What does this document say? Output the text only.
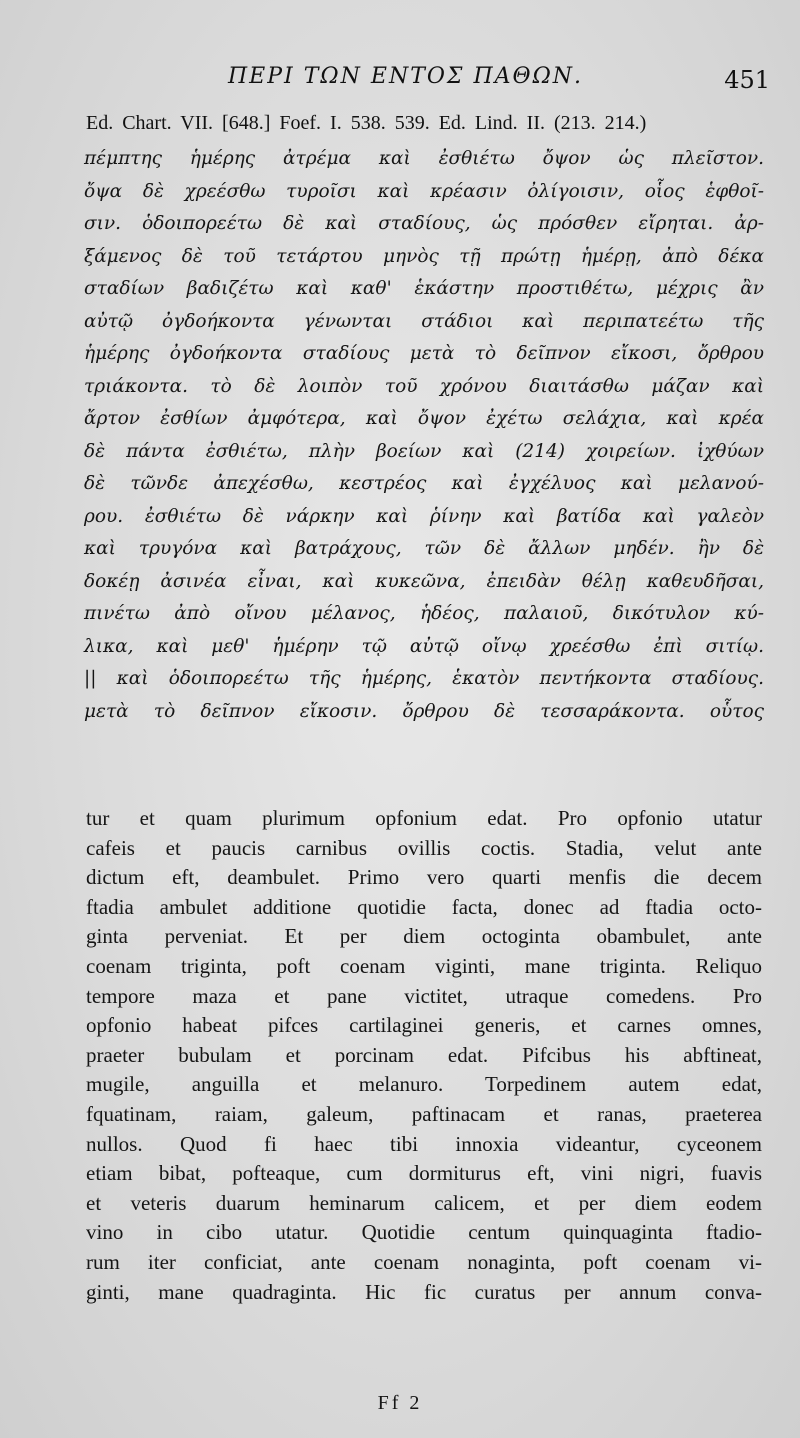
ΠΕΡΙ ΤΩΝ ΕΝΤΟΣ ΠΑΘΩΝ.	451
Ed. Chart. VII. [648.] Foef. I. 538. 539. Ed. Lind. II. (213. 214.)
πέμπτης ἡμέρης ἀτρέμα καὶ ἐσθιέτω ὄψον ὡς πλεῖστον.
ὄψα δὲ χρεέσθω τυροῖσι καὶ κρέασιν ὀλίγοισιν, οἷος ἑφθοῖ-
σιν. ὁδοιπορεέτω δὲ καὶ σταδίους, ὡς πρόσθεν εἴρηται. ἀρ-
ξάμενος δὲ τοῦ τετάρτου μηνὸς τῇ πρώτῃ ἡμέρῃ, ἀπὸ δέκα
σταδίων βαδιζέτω καὶ καθ' ἑκάστην προστιθέτω, μέχρις ἂν
αὐτῷ ὀγδοήκοντα γένωνται στάδιοι καὶ περιπατεέτω τῆς
ἡμέρης ὀγδοήκοντα σταδίους μετὰ τὸ δεῖπνον εἴκοσι, ὄρθρου
τριάκοντα. τὸ δὲ λοιπὸν τοῦ χρόνου διαιτάσθω μάζαν καὶ
ἄρτον ἐσθίων ἀμφότερα, καὶ ὄψον ἐχέτω σελάχια, καὶ κρέα
δὲ πάντα ἐσθιέτω, πλὴν βοείων καὶ (214) χοιρείων. ἰχθύων
δὲ τῶνδε ἀπεχέσθω, κεστρέος καὶ ἐγχέλυος καὶ μελανού-
ρου. ἐσθιέτω δὲ νάρκην καὶ ῥίνην καὶ βατίδα καὶ γαλεὸν
καὶ τρυγόνα καὶ βατράχους, τῶν δὲ ἄλλων μηδέν. ἢν δὲ
δοκέῃ ἀσινέα εἶναι, καὶ κυκεῶνα, ἐπειδὰν θέλῃ καθευδῆσαι,
πινέτω ἀπὸ οἴνου μέλανος, ἡδέος, παλαιοῦ, δικότυλον κύ-
λικα, καὶ μεθ' ἡμέρην τῷ αὐτῷ οἴνῳ χρεέσθω ἐπὶ σιτίῳ.
|| καὶ ὁδοιπορεέτω τῆς ἡμέρης, ἑκατὸν πεντήκοντα σταδίους.
μετὰ τὸ δεῖπνον εἴκοσιν. ὄρθρου δὲ τεσσαράκοντα. οὗτος
tur et quam plurimum opfonium edat. Pro opfonio utatur
cafeis et paucis carnibus ovillis coctis. Stadia, velut ante
dictum eft, deambulet. Primo vero quarti menfis die decem
ftadia ambulet additione quotidie facta, donec ad ftadia octo-
ginta perveniat. Et per diem octoginta obambulet, ante
coenam triginta, poft coenam viginti, mane triginta. Reliquo
tempore maza et pane victitet, utraque comedens. Pro
opfonio habeat pifces cartilaginei generis, et carnes omnes,
praeter bubulam et porcinam edat. Pifcibus his abftineat,
mugile, anguilla et melanuro. Torpedinem autem edat,
fquatinam, raiam, galeum, paftinacam et ranas, praeterea
nullos. Quod fi haec tibi innoxia videantur, cyceonem
etiam bibat, pofteaque, cum dormiturus eft, vini nigri, fuavis
et veteris duarum heminarum calicem, et per diem eodem
vino in cibo utatur. Quotidie centum quinquaginta ftadio-
rum iter conficiat, ante coenam nonaginta, poft coenam vi-
ginti, mane quadraginta. Hic fic curatus per annum conva-
Ff 2
